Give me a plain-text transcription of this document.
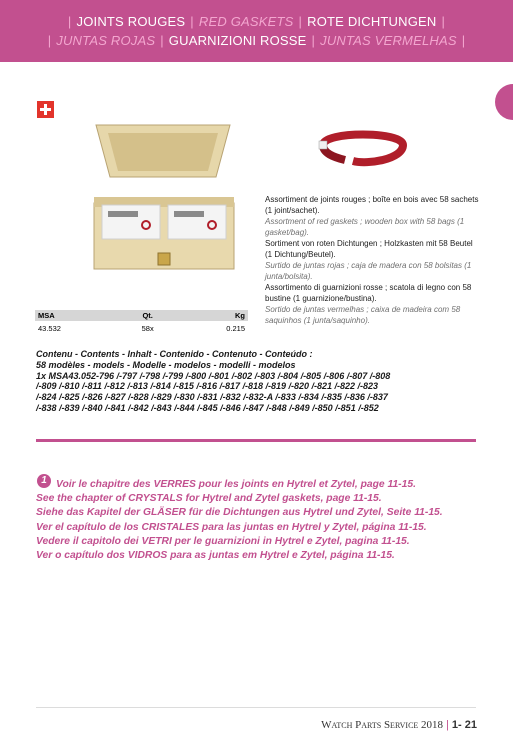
| JOINTS ROUGES | RED GASKETS | ROTE DICHTUNGEN |
| JUNTAS ROJAS | GUARNIZIONI ROSSE | JUNTAS VERMELHAS |

Assortiment de joints rouges ; boîte en bois avec 58 sachets (1 joint/sachet).

Assortment of red gaskets ; wooden box with 58 bags (1 gasket/bag).

Sortiment von roten Dichtungen ; Holzkasten mit 58 Beutel (1 Dichtung/Beutel).

Surtido de juntas rojas ; caja de madera con 58 bolsitas (1 junta/bolsita).

Assortimento di guarnizioni rosse ; scatola di legno con 58 bustine (1 guarnizione/bustina).

Sortido de juntas vermelhas ; caixa de madeira com 58 saquinhos (1 junta/saquinho).

MSA	Qt.	Kg
43.532	58x	0.215

Contenu - Contents - Inhalt - Contenido - Contenuto - Conteúdo :

58 modèles - models - Modelle - modelos - modelli - modelos

1x MSA43.052-796 /-797 /-798 /-799 /-800 /-801 /-802 /-803 /-804 /-805 /-806 /-807 /-808

/-809 /-810 /-811 /-812 /-813 /-814 /-815 /-816 /-817 /-818 /-819 /-820 /-821 /-822 /-823

/-824 /-825 /-826 /-827 /-828 /-829 /-830 /-831 /-832 /-832-A /-833 /-834 /-835 /-836 /-837

/-838 /-839 /-840 /-841 /-842 /-843 /-844 /-845 /-846 /-847 /-848 /-849 /-850 /-851 /-852

1 Voir le chapitre des VERRES pour les joints en Hytrel et Zytel, page 11-15.

See the chapter of CRYSTALS for Hytrel and Zytel gaskets, page 11-15.

Siehe das Kapitel der GLÄSER für die Dichtungen aus Hytrel und Zytel, Seite 11-15.

Ver el capítulo de los CRISTALES para las juntas en Hytrel y Zytel, página 11-15.

Vedere il capitolo dei VETRI per le guarnizioni in Hytrel e Zytel, pagina 11-15.

Ver o capítulo dos VIDROS para as juntas em Hytrel e Zytel, página 11-15.

Watch Parts Service 2018 | 1- 21
